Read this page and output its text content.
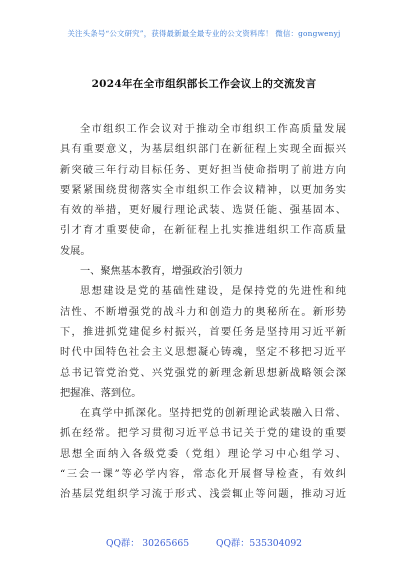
关注头条号“公文研究”，获得最新最全最专业的公文资料库！ 微信：gongwenyj
2024年在全市组织部长工作会议上的交流发言
全市组织工作会议对于推动全市组织工作高质量发展
具有重要意义，为基层组织部门在新征程上实现全面振兴
新突破三年行动目标任务、更好担当使命指明了前进方向
要紧紧围绕贯彻落实全市组织工作会议精神，以更加务实
有效的举措，更好履行理论武装、选贤任能、强基固本、
引才育才重要使命，在新征程上扎实推进组织工作高质量
发展。
一、聚焦基本教育，增强政治引领力
思想建设是党的基础性建设，是保持党的先进性和纯
洁性、不断增强党的战斗力和创造力的奥秘所在。新形势
下，推进抓党建促乡村振兴，首要任务是坚持用习近平新
时代中国特色社会主义思想凝心铸魂，坚定不移把习近平
总书记管党治党、兴党强党的新理念新思想新战略领会深
把握准、落到位。
在真学中抓深化。坚持把党的创新理论武装融入日常、
抓在经常。把学习贯彻习近平总书记关于党的建设的重要
思想全面纳入各级党委（党组）理论学习中心组学习、
“三会一课”等必学内容，常态化开展督导检查，有效纠
治基层党组织学习流于形式、浅尝辄止等问题，推动习近
QQ群： 30265665	QQ群：535304092
